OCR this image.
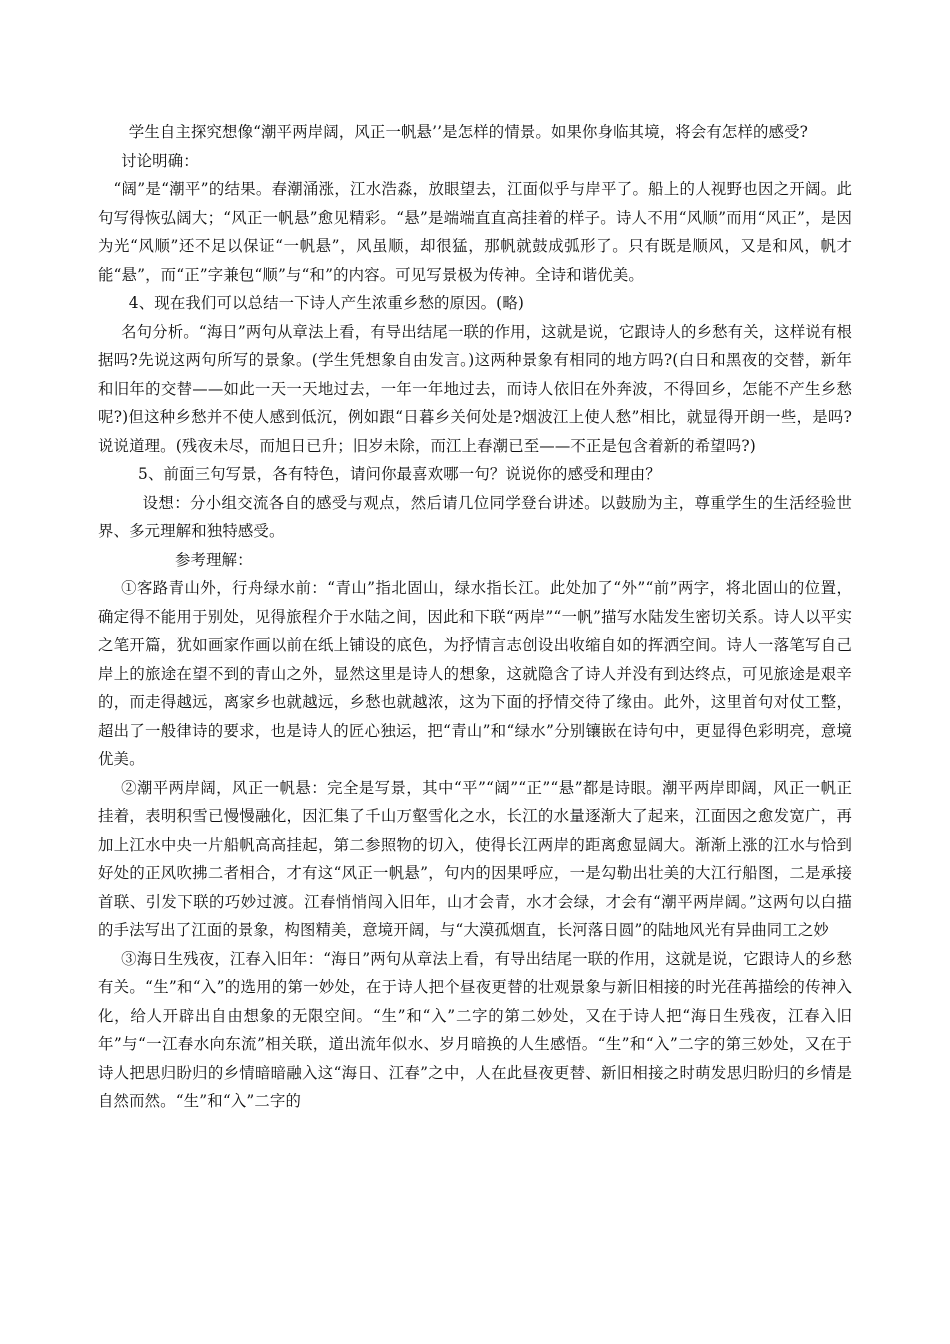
学生自主探究想像“潮平两岸阔，风正一帆悬’’是怎样的情景。如果你身临其境，将会有怎样的感受?

讨论明确：

“阔”是“潮平”的结果。春潮涌涨，江水浩淼，放眼望去，江面似乎与岸平了。船上的人视野也因之开阔。此句写得恢弘阔大；“风正一帆悬”愈见精彩。“悬”是端端直直高挂着的样子。诗人不用“风顺”而用“风正”，是因为光“风顺”还不足以保证“一帆悬”，风虽顺，却很猛，那帆就鼓成弧形了。只有既是顺风，又是和风，帆才能“悬”，而“正”字兼包“顺”与“和”的内容。可见写景极为传神。全诗和谐优美。

4、现在我们可以总结一下诗人产生浓重乡愁的原因。(略)

名句分析。“海日”两句从章法上看，有导出结尾一联的作用，这就是说，它跟诗人的乡愁有关，这样说有根据吗?先说这两句所写的景象。(学生凭想象自由发言。)这两种景象有相同的地方吗?(白日和黑夜的交替，新年和旧年的交替——如此一天一天地过去，一年一年地过去，而诗人依旧在外奔波，不得回乡，怎能不产生乡愁呢?)但这种乡愁并不使人感到低沉，例如跟“日暮乡关何处是?烟波江上使人愁”相比，就显得开朗一些，是吗?说说道理。(残夜未尽，而旭日已升；旧岁未除，而江上春潮已至——不正是包含着新的希望吗?)

5、前面三句写景，各有特色，请问你最喜欢哪一句？说说你的感受和理由？

设想：分小组交流各自的感受与观点，然后请几位同学登台讲述。以鼓励为主，尊重学生的生活经验世界、多元理解和独特感受。

参考理解：

①客路青山外，行舟绿水前：“青山”指北固山，绿水指长江。此处加了“外”“前”两字，将北固山的位置，确定得不能用于别处，见得旅程介于水陆之间，因此和下联“两岸”“一帆”描写水陆发生密切关系。诗人以平实之笔开篇，犹如画家作画以前在纸上铺设的底色，为抒情言志创设出收缩自如的挥洒空间。诗人一落笔写自己岸上的旅途在望不到的青山之外，显然这里是诗人的想象，这就隐含了诗人并没有到达终点，可见旅途是艰辛的，而走得越远，离家乡也就越远，乡愁也就越浓，这为下面的抒情交待了缘由。此外，这里首句对仗工整，超出了一般律诗的要求，也是诗人的匠心独运，把“青山”和“绿水”分别镶嵌在诗句中，更显得色彩明亮，意境优美。

②潮平两岸阔，风正一帆悬：完全是写景，其中“平”“阔”“正”“悬”都是诗眼。潮平两岸即阔，风正一帆正挂着，表明积雪已慢慢融化，因汇集了千山万壑雪化之水，长江的水量逐渐大了起来，江面因之愈发宽广，再加上江水中央一片船帆高高挂起，第二参照物的切入，使得长江两岸的距离愈显阔大。渐渐上涨的江水与恰到好处的正风吹拂二者相合，才有这“风正一帆悬”，句内的因果呼应，一是勾勒出壮美的大江行船图，二是承接首联、引发下联的巧妙过渡。江春悄悄闯入旧年，山才会青，水才会绿，才会有“潮平两岸阔。”这两句以白描的手法写出了江面的景象，构图精美，意境开阔，与“大漠孤烟直，长河落日圆”的陆地风光有异曲同工之妙

③海日生残夜，江春入旧年：“海日”两句从章法上看，有导出结尾一联的作用，这就是说，它跟诗人的乡愁有关。“生”和“入”的选用的第一妙处，在于诗人把个昼夜更替的壮观景象与新旧相接的时光荏苒描绘的传神入化，给人开辟出自由想象的无限空间。“生”和“入”二字的第二妙处，又在于诗人把“海日生残夜，江春入旧年”与“一江春水向东流”相关联，道出流年似水、岁月暗换的人生感悟。“生”和“入”二字的第三妙处，又在于诗人把思归盼归的乡情暗暗融入这“海日、江春”之中，人在此昼夜更替、新旧相接之时萌发思归盼归的乡情是自然而然。“生”和“入”二字的
